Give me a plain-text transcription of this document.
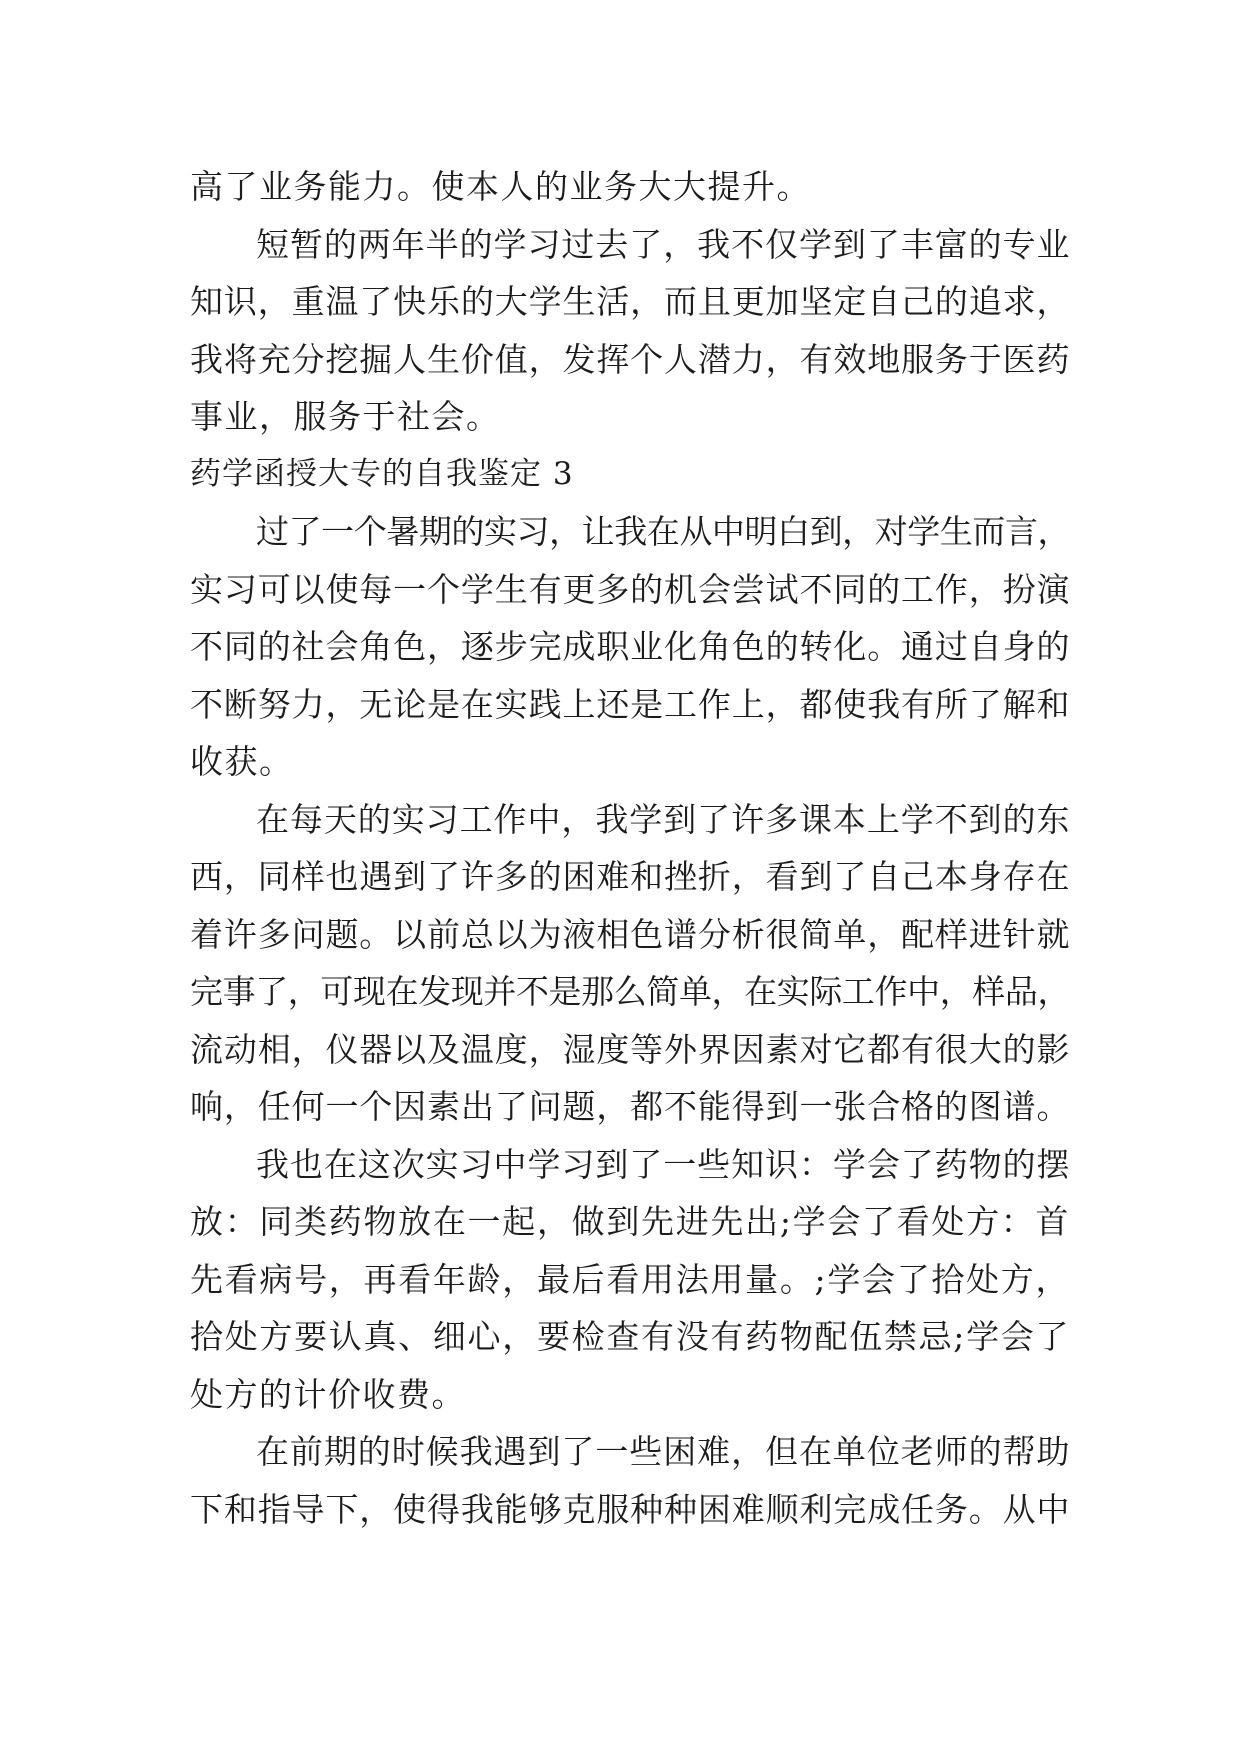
高了业务能力。使本人的业务大大提升。
短暂的两年半的学习过去了，我不仅学到了丰富的专业
知识，重温了快乐的大学生活，而且更加坚定自己的追求，
我将充分挖掘人生价值，发挥个人潜力，有效地服务于医药
事业，服务于社会。
药学函授大专的自我鉴定 3
过了一个暑期的实习，让我在从中明白到，对学生而言，
实习可以使每一个学生有更多的机会尝试不同的工作，扮演
不同的社会角色，逐步完成职业化角色的转化。通过自身的
不断努力，无论是在实践上还是工作上，都使我有所了解和
收获。
在每天的实习工作中，我学到了许多课本上学不到的东
西，同样也遇到了许多的困难和挫折，看到了自己本身存在
着许多问题。以前总以为液相色谱分析很简单，配样进针就
完事了，可现在发现并不是那么简单，在实际工作中，样品，
流动相，仪器以及温度，湿度等外界因素对它都有很大的影
响，任何一个因素出了问题，都不能得到一张合格的图谱。
我也在这次实习中学习到了一些知识：学会了药物的摆
放：同类药物放在一起，做到先进先出;学会了看处方：首
先看病号，再看年龄，最后看用法用量。;学会了拾处方，
拾处方要认真、细心，要检查有没有药物配伍禁忌;学会了
处方的计价收费。
在前期的时候我遇到了一些困难，但在单位老师的帮助
下和指导下，使得我能够克服种种困难顺利完成任务。从中
